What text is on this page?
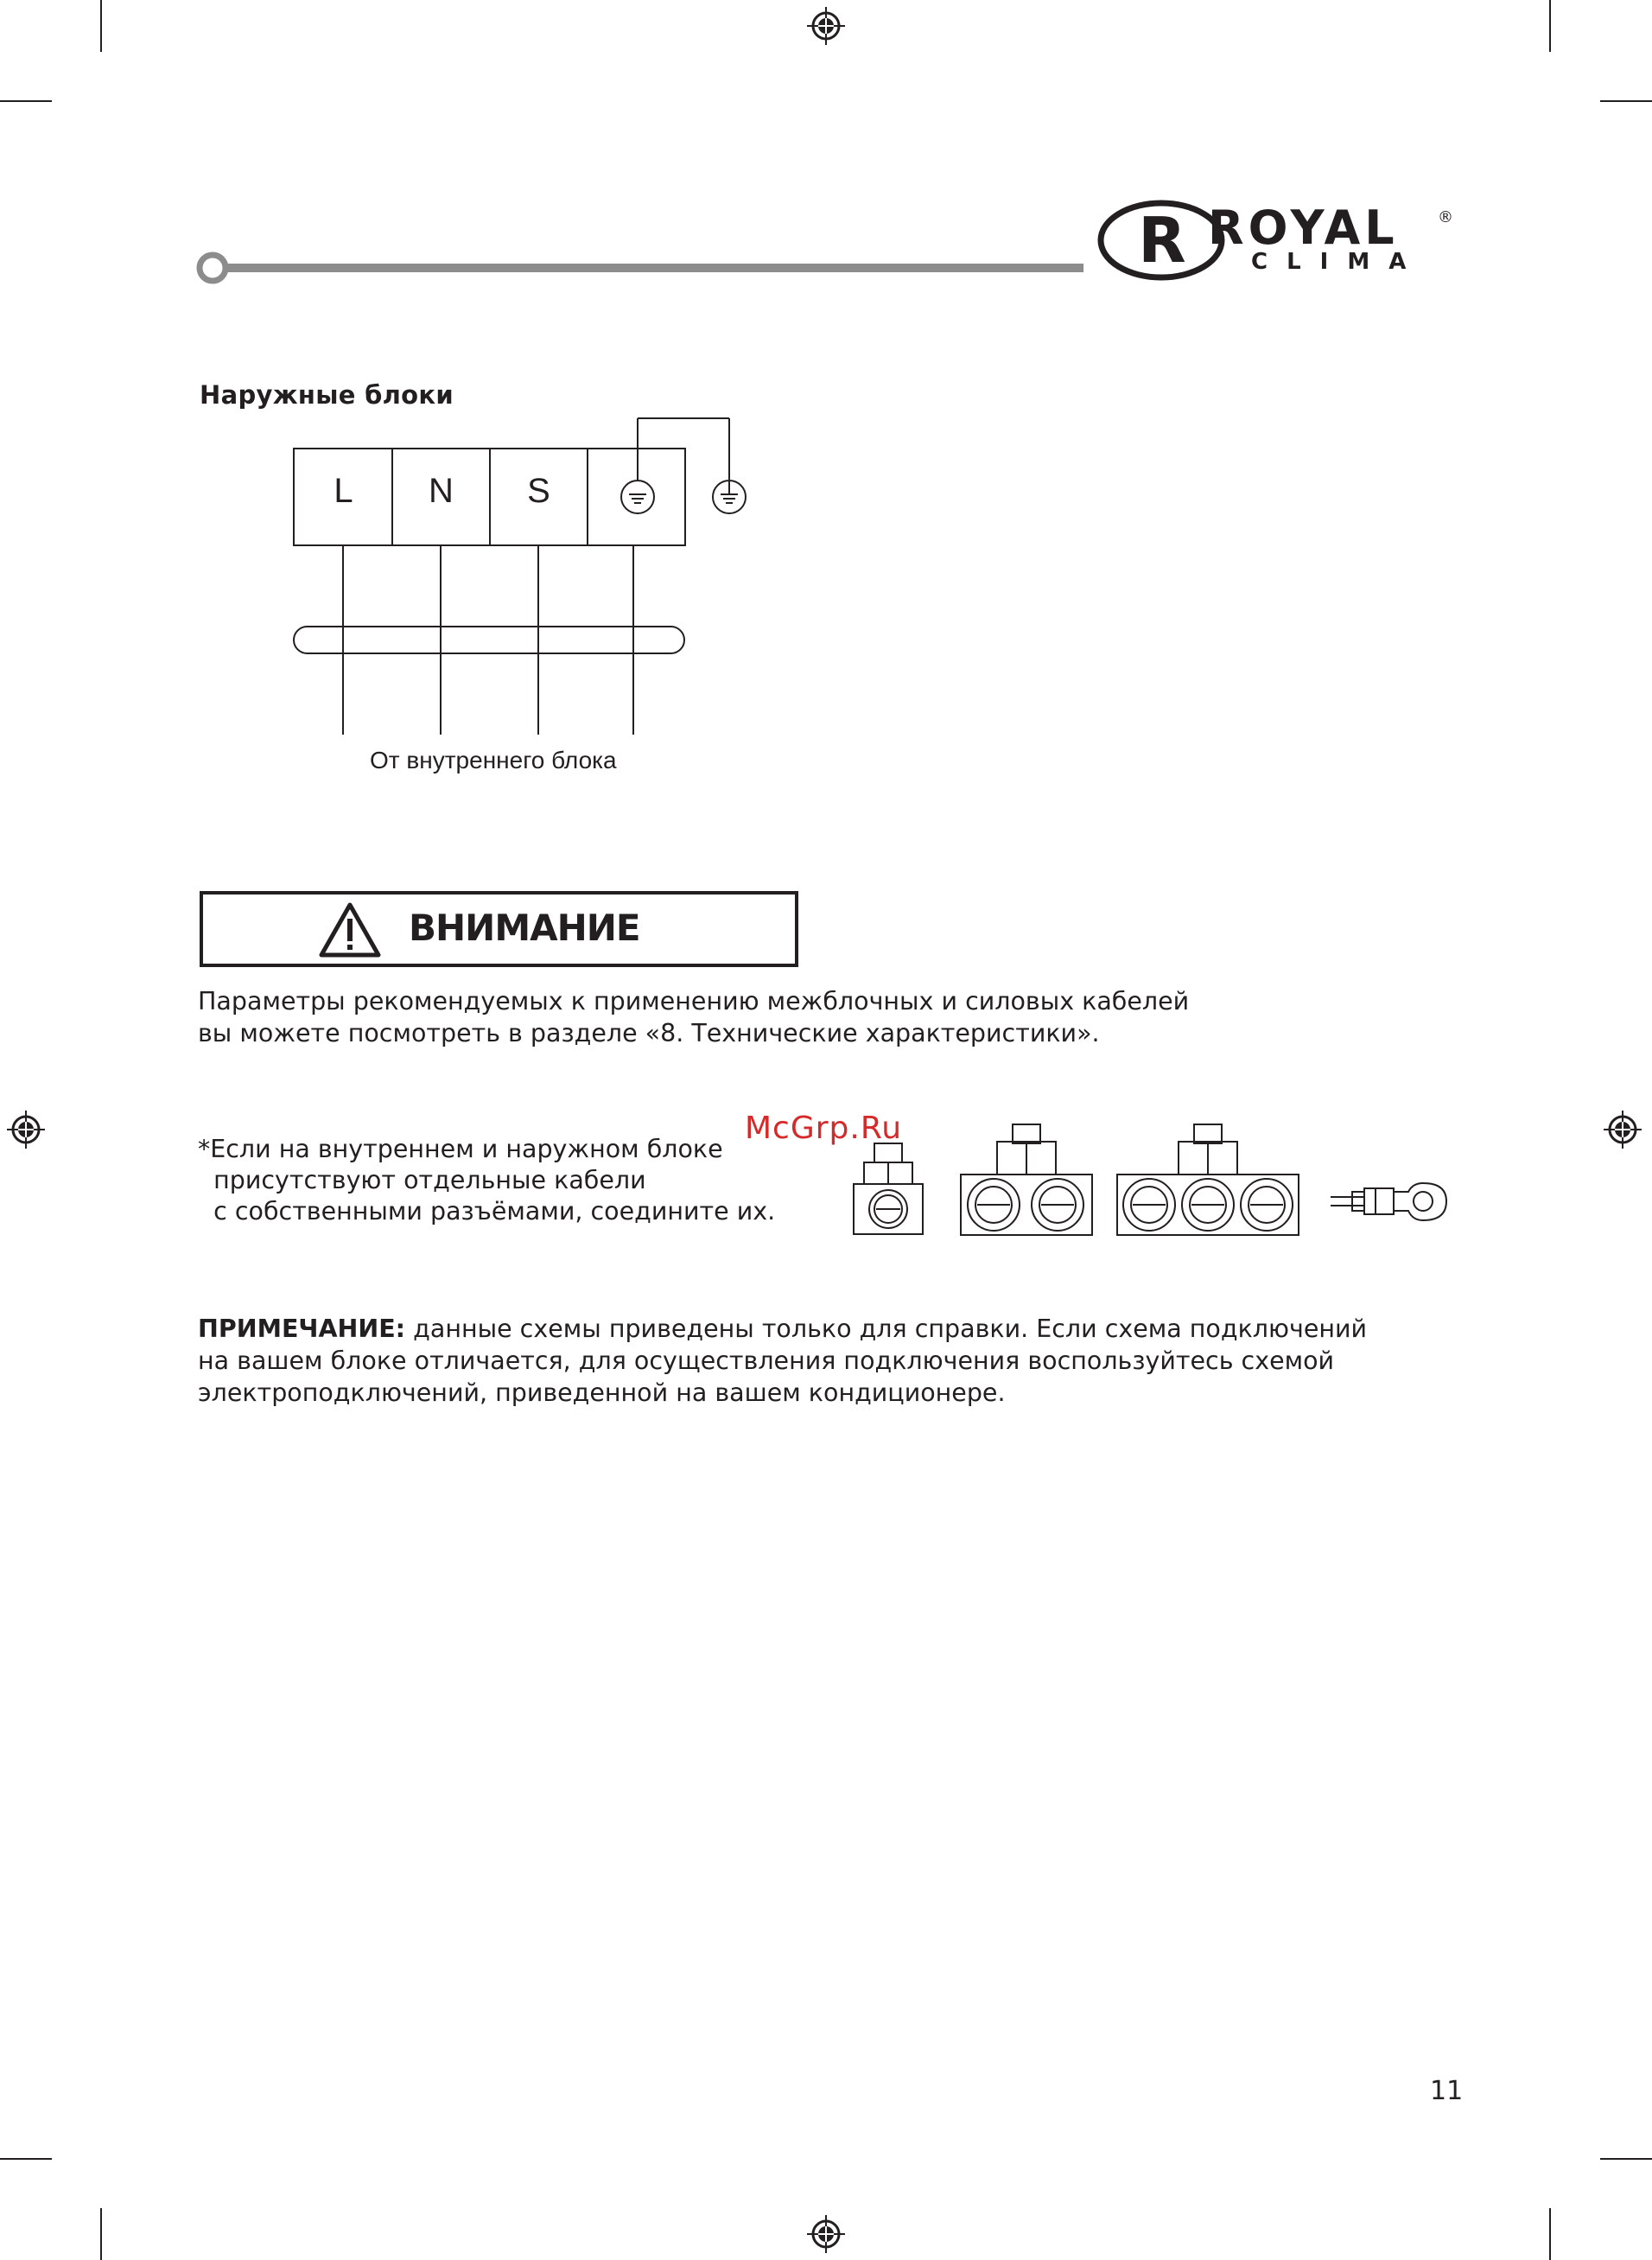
R ROYAL	®
CLIMA
Наружные блоки
L	N	S
От внутреннего блока
ВНИМАНИЕ
Параметры рекомендуемых к применению межблочных и силовых кабелей
вы можете посмотреть в разделе «8. Технические характеристики».
*Если на внутреннем и наружном блоке
присутствуют отдельные кабели
с собственными разъёмами, соедините их.
McGrp.Ru
ПРИМЕЧАНИЕ: данные схемы приведены только для справки. Если схема подключений
на вашем блоке отличается, для осуществления подключения воспользуйтесь схемой
электроподключений, приведенной на вашем кондиционере.
11
